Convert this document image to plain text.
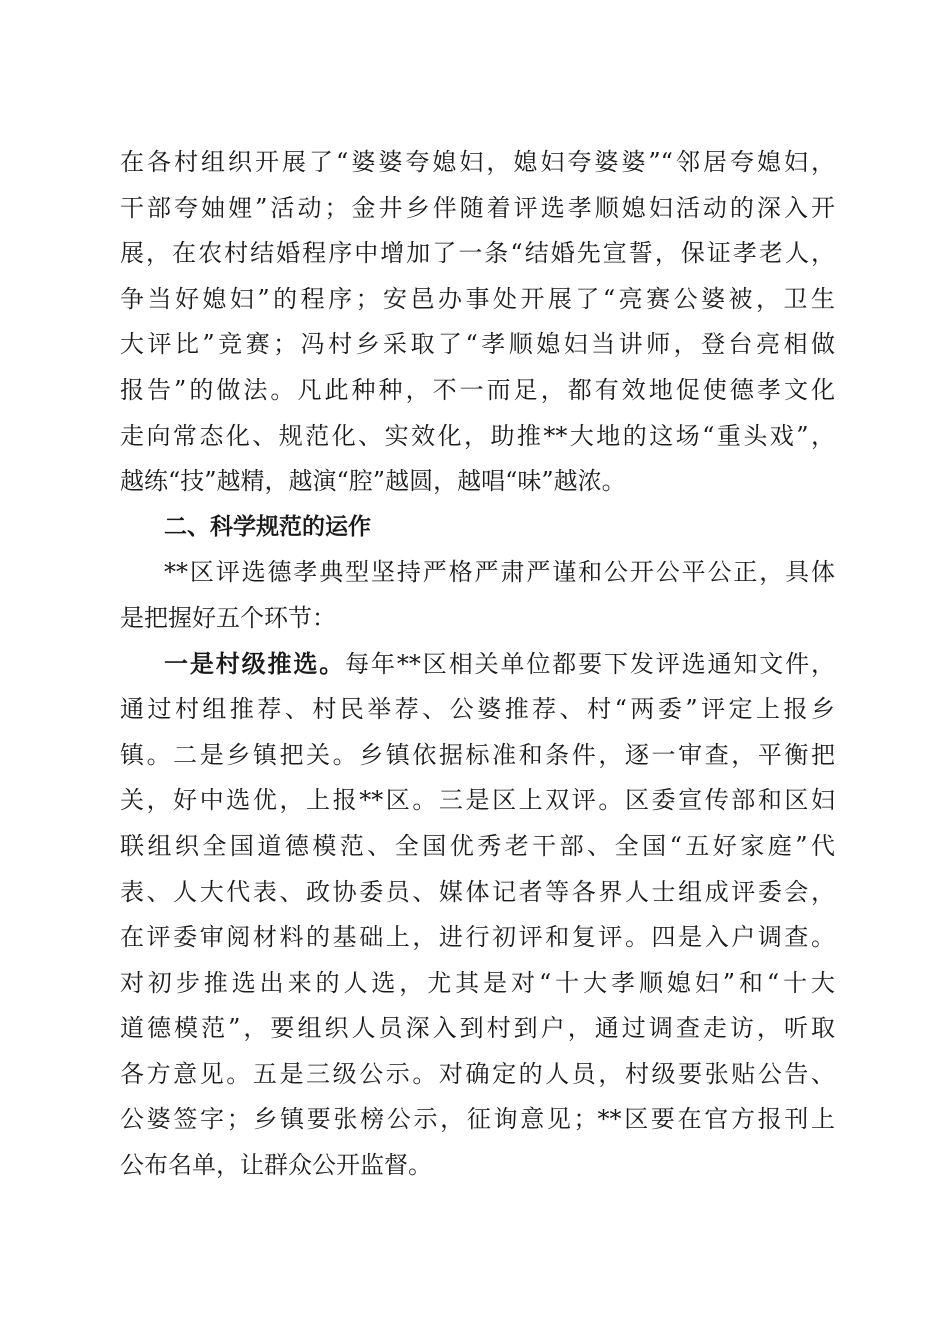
在各村组织开展了“婆婆夸媳妇，媳妇夸婆婆”“邻居夸媳妇，
干部夸妯娌”活动；金井乡伴随着评选孝顺媳妇活动的深入开
展，在农村结婚程序中增加了一条“结婚先宣誓，保证孝老人，
争当好媳妇”的程序；安邑办事处开展了“亮赛公婆被，卫生
大评比”竞赛；冯村乡采取了“孝顺媳妇当讲师，登台亮相做
报告”的做法。凡此种种，不一而足，都有效地促使德孝文化
走向常态化、规范化、实效化，助推**大地的这场“重头戏”，
越练“技”越精，越演“腔”越圆，越唱“味”越浓。
二、科学规范的运作
**区评选德孝典型坚持严格严肃严谨和公开公平公正，具体
是把握好五个环节：
一是村级推选。每年**区相关单位都要下发评选通知文件，
通过村组推荐、村民举荐、公婆推荐、村“两委”评定上报乡
镇。二是乡镇把关。乡镇依据标准和条件，逐一审查，平衡把
关，好中选优，上报**区。三是区上双评。区委宣传部和区妇
联组织全国道德模范、全国优秀老干部、全国“五好家庭”代
表、人大代表、政协委员、媒体记者等各界人士组成评委会，
在评委审阅材料的基础上，进行初评和复评。四是入户调查。
对初步推选出来的人选，尤其是对“十大孝顺媳妇”和“十大
道德模范”，要组织人员深入到村到户，通过调查走访，听取
各方意见。五是三级公示。对确定的人员，村级要张贴公告、
公婆签字；乡镇要张榜公示，征询意见；**区要在官方报刊上
公布名单，让群众公开监督。
